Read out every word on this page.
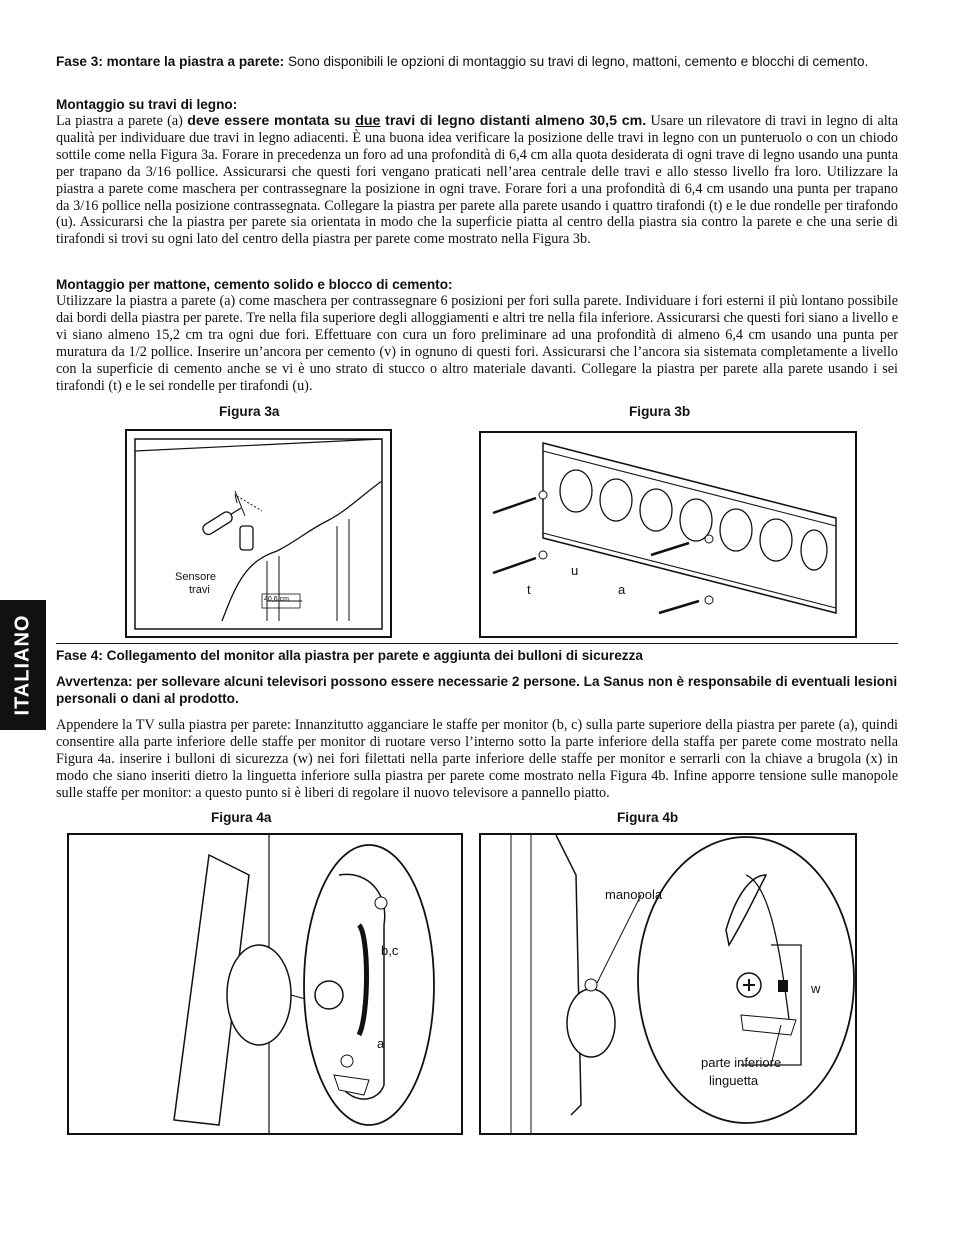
Fase 3: montare la piastra a parete: Sono disponibili le opzioni di montaggio su travi di legno, mattoni, cemento e blocchi di cemento.

Montaggio su travi di legno:

La piastra a parete (a) deve essere montata su due travi di legno distanti almeno 30,5 cm. Usare un rilevatore di travi in legno di alta qualità per individuare due travi in legno adiacenti. È una buona idea verificare la posizione delle travi in legno con un punteruolo o con un chiodo sottile come nella Figura 3a. Forare in precedenza un foro ad una profondità di 6,4 cm alla quota desiderata di ogni trave di legno usando una punta per trapano da 3/16 pollice. Assicurarsi che questi fori vengano praticati nell’area centrale delle travi e allo stesso livello fra loro. Utilizzare la piastra a parete come maschera per contrassegnare la posizione in ogni trave. Forare fori a una profondità di 6,4 cm usando una punta per trapano da 3/16 pollice nella posizione contrassegnata. Collegare la piastra per parete alla parete usando i quattro tirafondi (t) e le due rondelle per tirafondo (u). Assicurarsi che la piastra per parete sia orientata in modo che la superficie piatta al centro della piastra sia contro la parete e che una serie di tirafondi si trovi su ogni lato del centro della piastra per parete come mostrato nella Figura 3b.

Montaggio per mattone, cemento solido e blocco di cemento:

Utilizzare la piastra a parete (a) come maschera per contrassegnare 6 posizioni per fori sulla parete. Individuare i fori esterni il più lontano possibile dai bordi della piastra per parete. Tre nella fila superiore degli alloggiamenti e altri tre nella fila inferiore. Assicurarsi che questi fori siano a livello e vi siano almeno 15,2 cm tra ogni due fori. Effettuare con cura un foro preliminare ad una profondità di almeno 6,4 cm usando una punta per muratura da 1/2 pollice. Inserire un’ancora per cemento (v) in ognuno di questi fori. Assicurarsi che l’ancora sia sistemata completamente a livello con la superficie di cemento anche se vi è uno strato di stucco o altro materiale davanti. Collegare la piastra per parete alla parete usando i sei tirafondi (t) e le sei rondelle per tirafondi (u).

Figura 3a
Sensore
travi
40,6 cm
Figura 3b
u
t	a
ITALIANO Fase 4: Collegamento del monitor alla piastra per parete e aggiunta dei bulloni di sicurezza
Avvertenza: per sollevare alcuni televisori possono essere necessarie 2 persone. La Sanus non è responsabile di eventuali lesioni personali o dani al prodotto.

Appendere la TV sulla piastra per parete: Innanzitutto agganciare le staffe per monitor (b, c) sulla parte superiore della piastra per parete (a), quindi consentire alla parte inferiore delle staffe per monitor di ruotare verso l’interno sotto la parte inferiore della staffa per parete come mostrato nella Figura 4a. inserire i bulloni di sicurezza (w) nei fori filettati nella parte inferiore delle staffe per monitor e serrarli con la chiave a brugola (x) in modo che siano inseriti dietro la linguetta inferiore sulla piastra per parete come mostrato nella Figura 4b. Infine apporre tensione sulle manopole sulle staffe per monitor: a questo punto si è liberi di regolare il nuovo televisore a pannello piatto.

Figura 4a
b,c
a
Figura 4b
manopola
w
parte inferiore
linguetta
